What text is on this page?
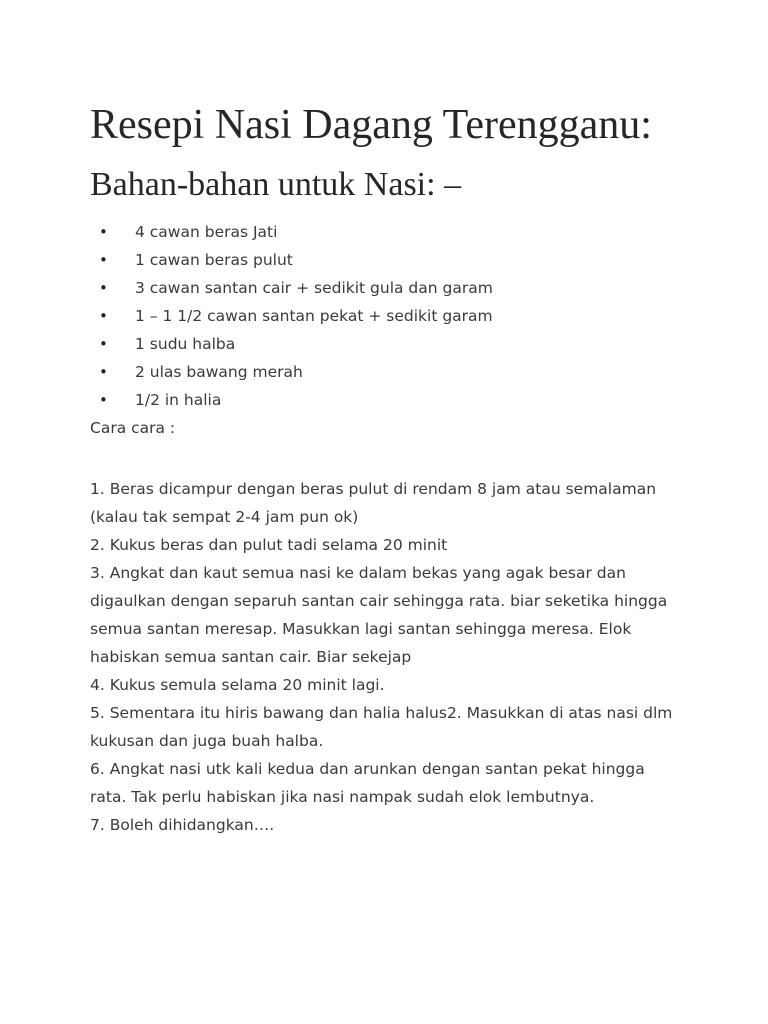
Resepi Nasi Dagang Terengganu:
Bahan-bahan untuk Nasi: –
• 4 cawan beras Jati
• 1 cawan beras pulut
• 3 cawan santan cair + sedikit gula dan garam
• 1 – 1 1/2 cawan santan pekat + sedikit garam
• 1 sudu halba
• 2 ulas bawang merah
• 1/2 in halia

Cara cara :

1. Beras dicampur dengan beras pulut di rendam 8 jam atau semalaman (kalau tak sempat 2-4 jam pun ok)

2. Kukus beras dan pulut tadi selama 20 minit

3. Angkat dan kaut semua nasi ke dalam bekas yang agak besar dan digaulkan dengan separuh santan cair sehingga rata. biar seketika hingga semua santan meresap. Masukkan lagi santan sehingga meresa. Elok habiskan semua santan cair. Biar sekejap

4. Kukus semula selama 20 minit lagi.

5. Sementara itu hiris bawang dan halia halus2. Masukkan di atas nasi dlm kukusan dan juga buah halba.

6. Angkat nasi utk kali kedua dan arunkan dengan santan pekat hingga rata. Tak perlu habiskan jika nasi nampak sudah elok lembutnya.

7. Boleh dihidangkan….
